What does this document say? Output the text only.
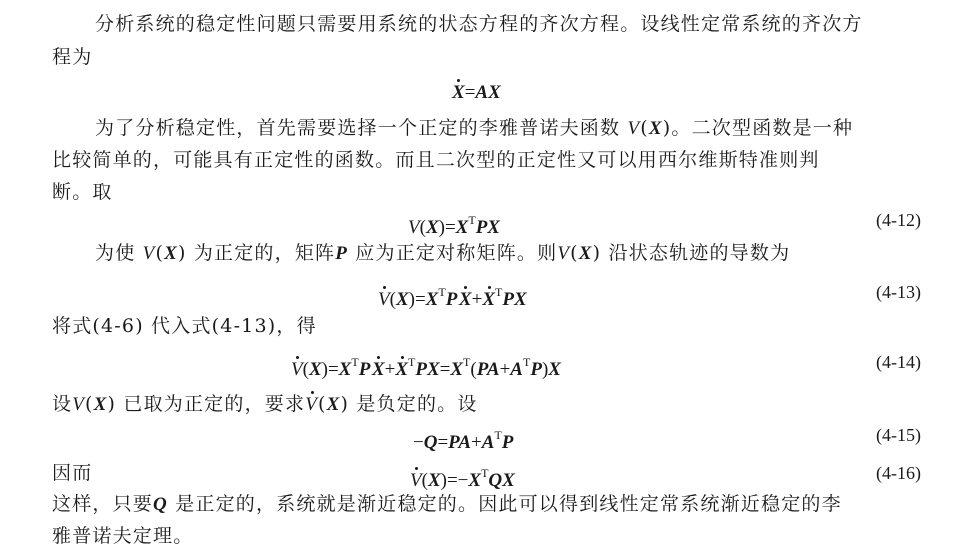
分析系统的稳定性问题只需要用系统的状态方程的齐次方程。设线性定常系统的齐次方
程为
X=AX
为了分析稳定性，首先需要选择一个正定的李雅普诺夫函数 V(X)。二次型函数是一种
比较简单的，可能具有正定性的函数。而且二次型的正定性又可以用西尔维斯特准则判
断。取
$V(X)=X^TPX$	(4-12)
为使 V(X) 为正定的，矩阵P 应为正定对称矩阵。则V(X) 沿状态轨迹的导数为
$V(X)=X^TP$ $X+X^TPX$	(4-13)
将式(4-6) 代入式(4-13)，得
$V(X)=X^TP$ $X+X^TPX=X^T(PA+A^TP)X$	(4-14)
设V(X) 已取为正定的，要求V(X) 是负定的。设
$-Q=PA+A^TP$	(4-15)
因而	$V(X)=-X^TQX$	(4-16)
这样，只要Q 是正定的，系统就是渐近稳定的。因此可以得到线性定常系统渐近稳定的李
雅普诺夫定理。
